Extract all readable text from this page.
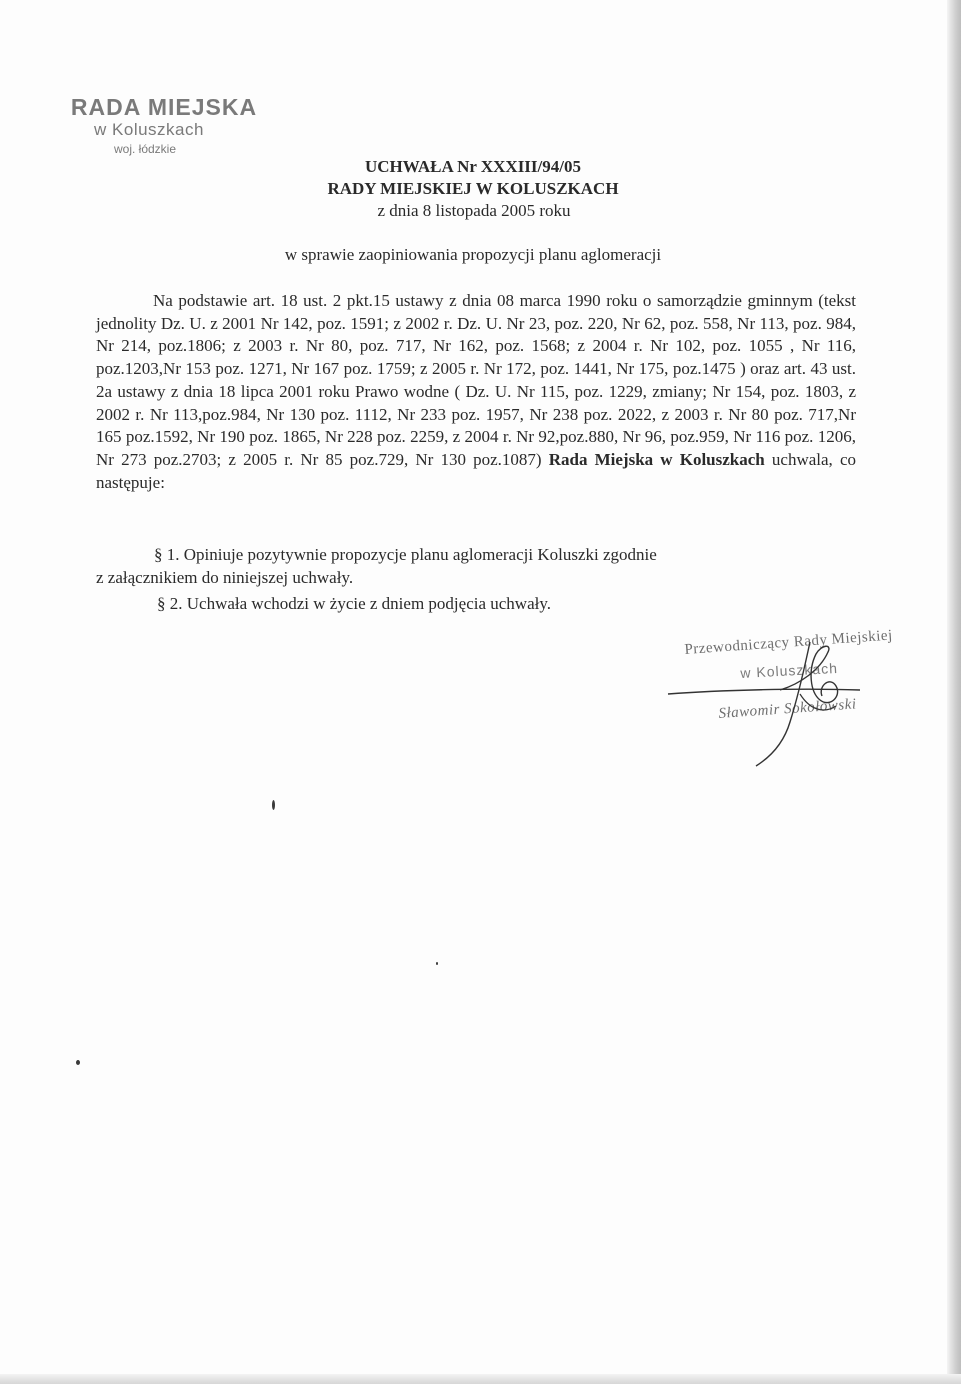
RADA MIEJSKA
w Koluszkach
woj. łódzkie
UCHWAŁA Nr XXXIII/94/05
RADY MIEJSKIEJ W KOLUSZKACH
z dnia 8 listopada 2005 roku
w sprawie zaopiniowania propozycji planu aglomeracji
Na podstawie art. 18 ust. 2 pkt.15 ustawy z dnia 08 marca 1990 roku o samorządzie gminnym (tekst jednolity Dz. U. z 2001 Nr 142, poz. 1591; z 2002 r. Dz. U. Nr 23, poz. 220, Nr 62, poz. 558, Nr 113, poz. 984, Nr 214, poz.1806; z 2003 r. Nr 80, poz. 717, Nr 162, poz. 1568; z 2004 r. Nr 102, poz. 1055 , Nr 116, poz.1203,Nr 153 poz. 1271, Nr 167 poz. 1759; z 2005 r. Nr 172, poz. 1441, Nr 175, poz.1475 ) oraz art. 43 ust. 2a ustawy z dnia 18 lipca 2001 roku Prawo wodne ( Dz. U. Nr 115, poz. 1229, zmiany; Nr 154, poz. 1803, z 2002 r. Nr 113,poz.984, Nr 130 poz. 1112, Nr 233 poz. 1957, Nr 238 poz. 2022, z 2003 r. Nr 80 poz. 717,Nr 165 poz.1592, Nr 190 poz. 1865, Nr 228 poz. 2259, z 2004 r. Nr 92,poz.880, Nr 96, poz.959, Nr 116 poz. 1206, Nr 273 poz.2703; z 2005 r. Nr 85 poz.729, Nr 130 poz.1087) Rada Miejska w Koluszkach uchwala, co następuje:
§ 1. Opiniuje pozytywnie propozycje planu aglomeracji Koluszki zgodnie
z załącznikiem do niniejszej uchwały.
§ 2. Uchwała wchodzi w życie z dniem podjęcia uchwały.
Przewodniczący Rady Miejskiej
w Koluszkach
Sławomir Sokołowski
